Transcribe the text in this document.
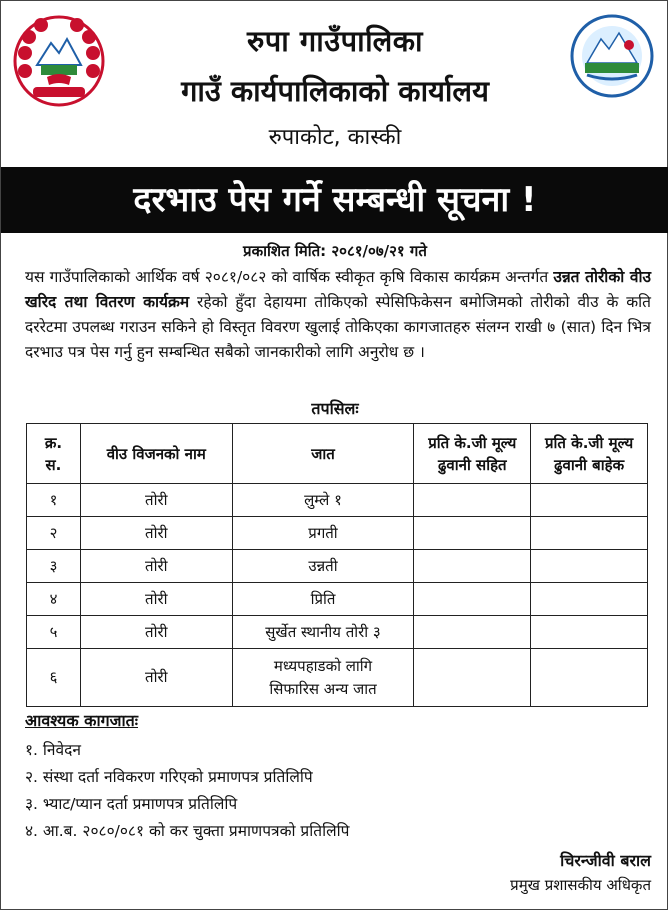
रुपा गाउँपालिका
गाउँ कार्यपालिकाको कार्यालय
रुपाकोट, कास्की
दरभाउ पेस गर्ने सम्बन्धी सूचना !
प्रकाशित मिति: २०८१/०७/२१ गते
यस गाउँपालिकाको आर्थिक वर्ष २०८१/०८२ को वार्षिक स्वीकृत कृषि विकास कार्यक्रम अन्तर्गत उन्नत तोरीको वीउ खरिद तथा वितरण कार्यक्रम रहेको हुँदा देहायमा तोकिएको स्पेसिफिकेसन बमोजिमको तोरीको वीउ के कति दररेटमा उपलब्ध गराउन सकिने हो विस्तृत विवरण खुलाई तोकिएका कागजातहरु संलग्न राखी ७ (सात) दिन भित्र दरभाउ पत्र पेस गर्नु हुन सम्बन्धित सबैको जानकारीको लागि अनुरोध छ ।
तपसिलः
क्र. स.	वीउ विजनको नाम	जात	प्रति के.जी मूल्य ढुवानी सहित	प्रति के.जी मूल्य ढुवानी बाहेक
१	तोरी	लुम्ले १		
२	तोरी	प्रगती		
३	तोरी	उन्नती		
४	तोरी	प्रिति		
५	तोरी	सुर्खेत स्थानीय तोरी ३		
६	तोरी	मध्यपहाडको लागि सिफारिस अन्य जात		
आवश्यक कागजातः
१. निवेदन
२. संस्था दर्ता नविकरण गरिएको प्रमाणपत्र प्रतिलिपि
३. भ्याट/प्यान दर्ता प्रमाणपत्र प्रतिलिपि
४. आ.ब. २०८०/०८१ को कर चुक्ता प्रमाणपत्रको प्रतिलिपि
चिरन्जीवी बराल
प्रमुख प्रशासकीय अधिकृत
